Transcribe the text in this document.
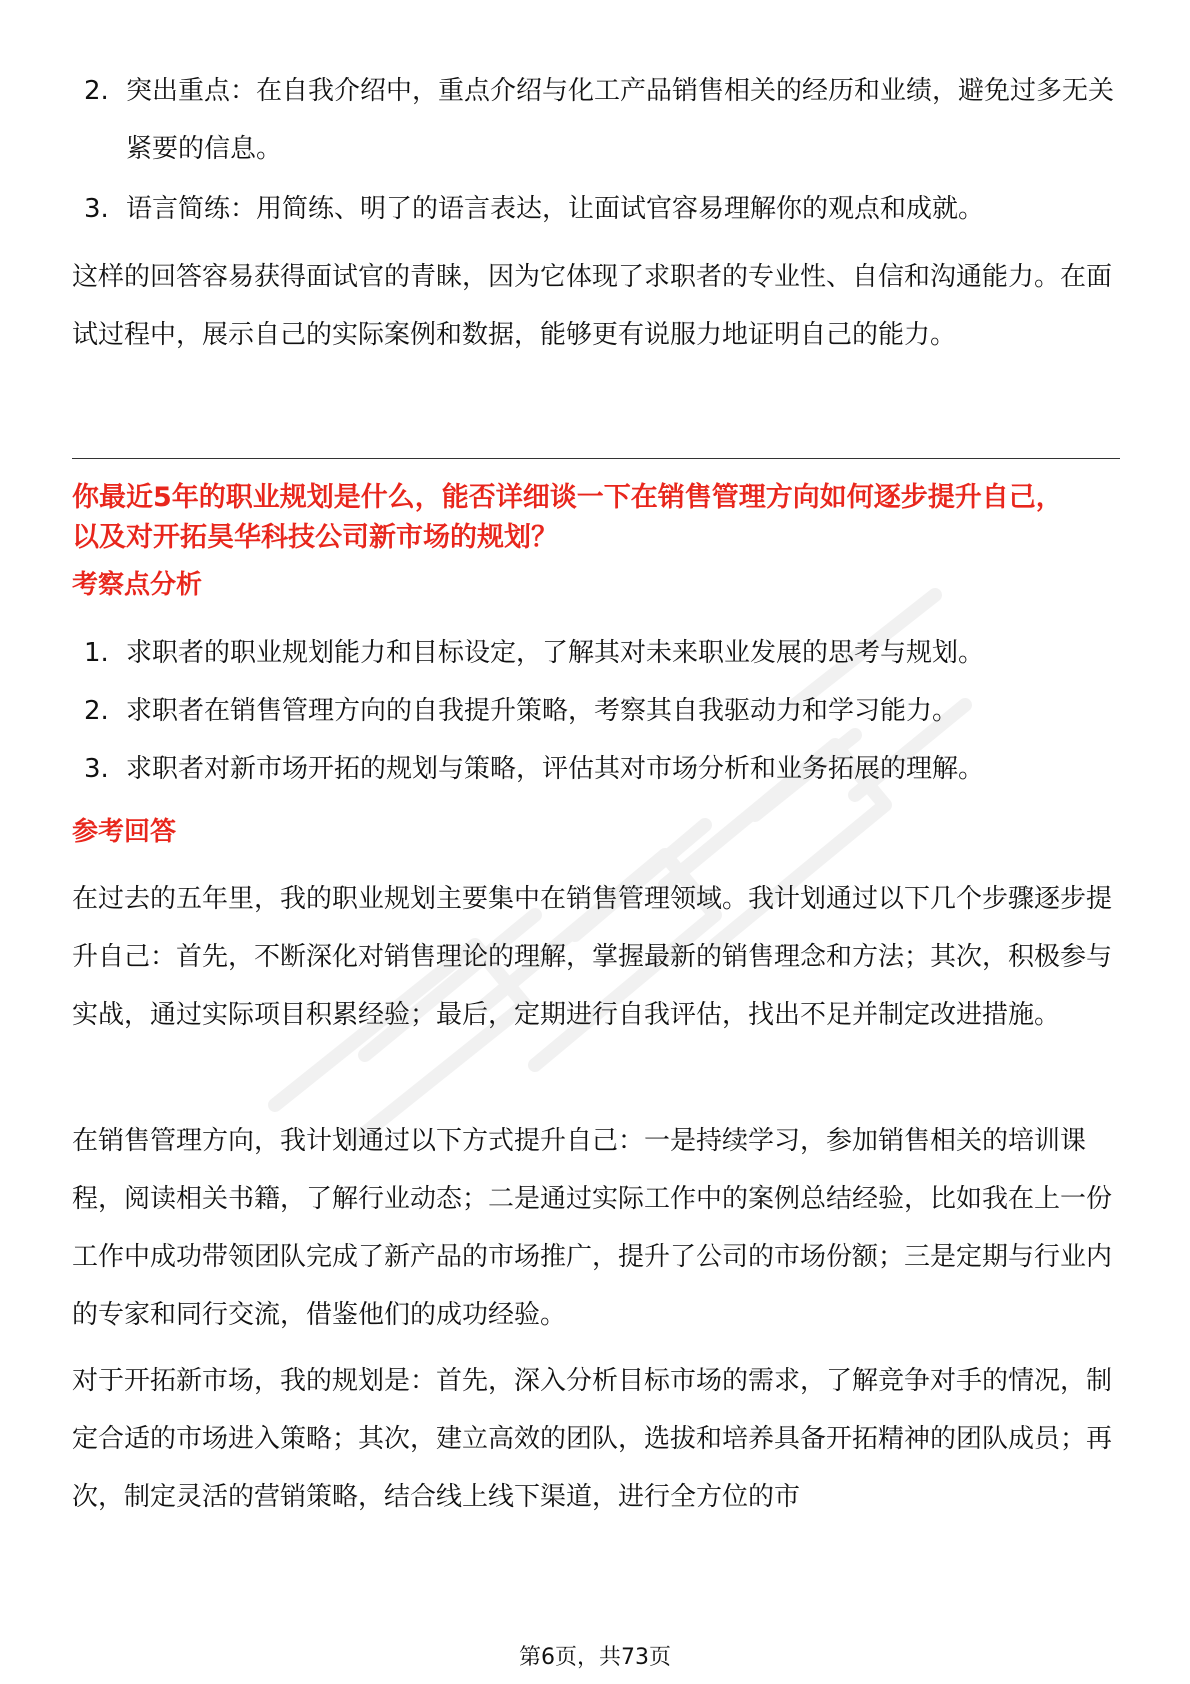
2. 突出重点：在自我介绍中，重点介绍与化工产品销售相关的经历和业绩，避免过多无关紧要的信息。
3. 语言简练：用简练、明了的语言表达，让面试官容易理解你的观点和成就。

这样的回答容易获得面试官的青睐，因为它体现了求职者的专业性、自信和沟通能力。在面试过程中，展示自己的实际案例和数据，能够更有说服力地证明自己的能力。

你最近5年的职业规划是什么，能否详细谈一下在销售管理方向如何逐步提升自己，以及对开拓昊华科技公司新市场的规划？

考察点分析

1. 求职者的职业规划能力和目标设定，了解其对未来职业发展的思考与规划。
2. 求职者在销售管理方向的自我提升策略，考察其自我驱动力和学习能力。
3. 求职者对新市场开拓的规划与策略，评估其对市场分析和业务拓展的理解。

参考回答

在过去的五年里，我的职业规划主要集中在销售管理领域。我计划通过以下几个步骤逐步提升自己：首先，不断深化对销售理论的理解，掌握最新的销售理念和方法；其次，积极参与实战，通过实际项目积累经验；最后，定期进行自我评估，找出不足并制定改进措施。

在销售管理方向，我计划通过以下方式提升自己：一是持续学习，参加销售相关的培训课程，阅读相关书籍，了解行业动态；二是通过实际工作中的案例总结经验，比如我在上一份工作中成功带领团队完成了新产品的市场推广，提升了公司的市场份额；三是定期与行业内的专家和同行交流，借鉴他们的成功经验。

对于开拓新市场，我的规划是：首先，深入分析目标市场的需求，了解竞争对手的情况，制定合适的市场进入策略；其次，建立高效的团队，选拔和培养具备开拓精神的团队成员；再次，制定灵活的营销策略，结合线上线下渠道，进行全方位的市

第6页，共73页
